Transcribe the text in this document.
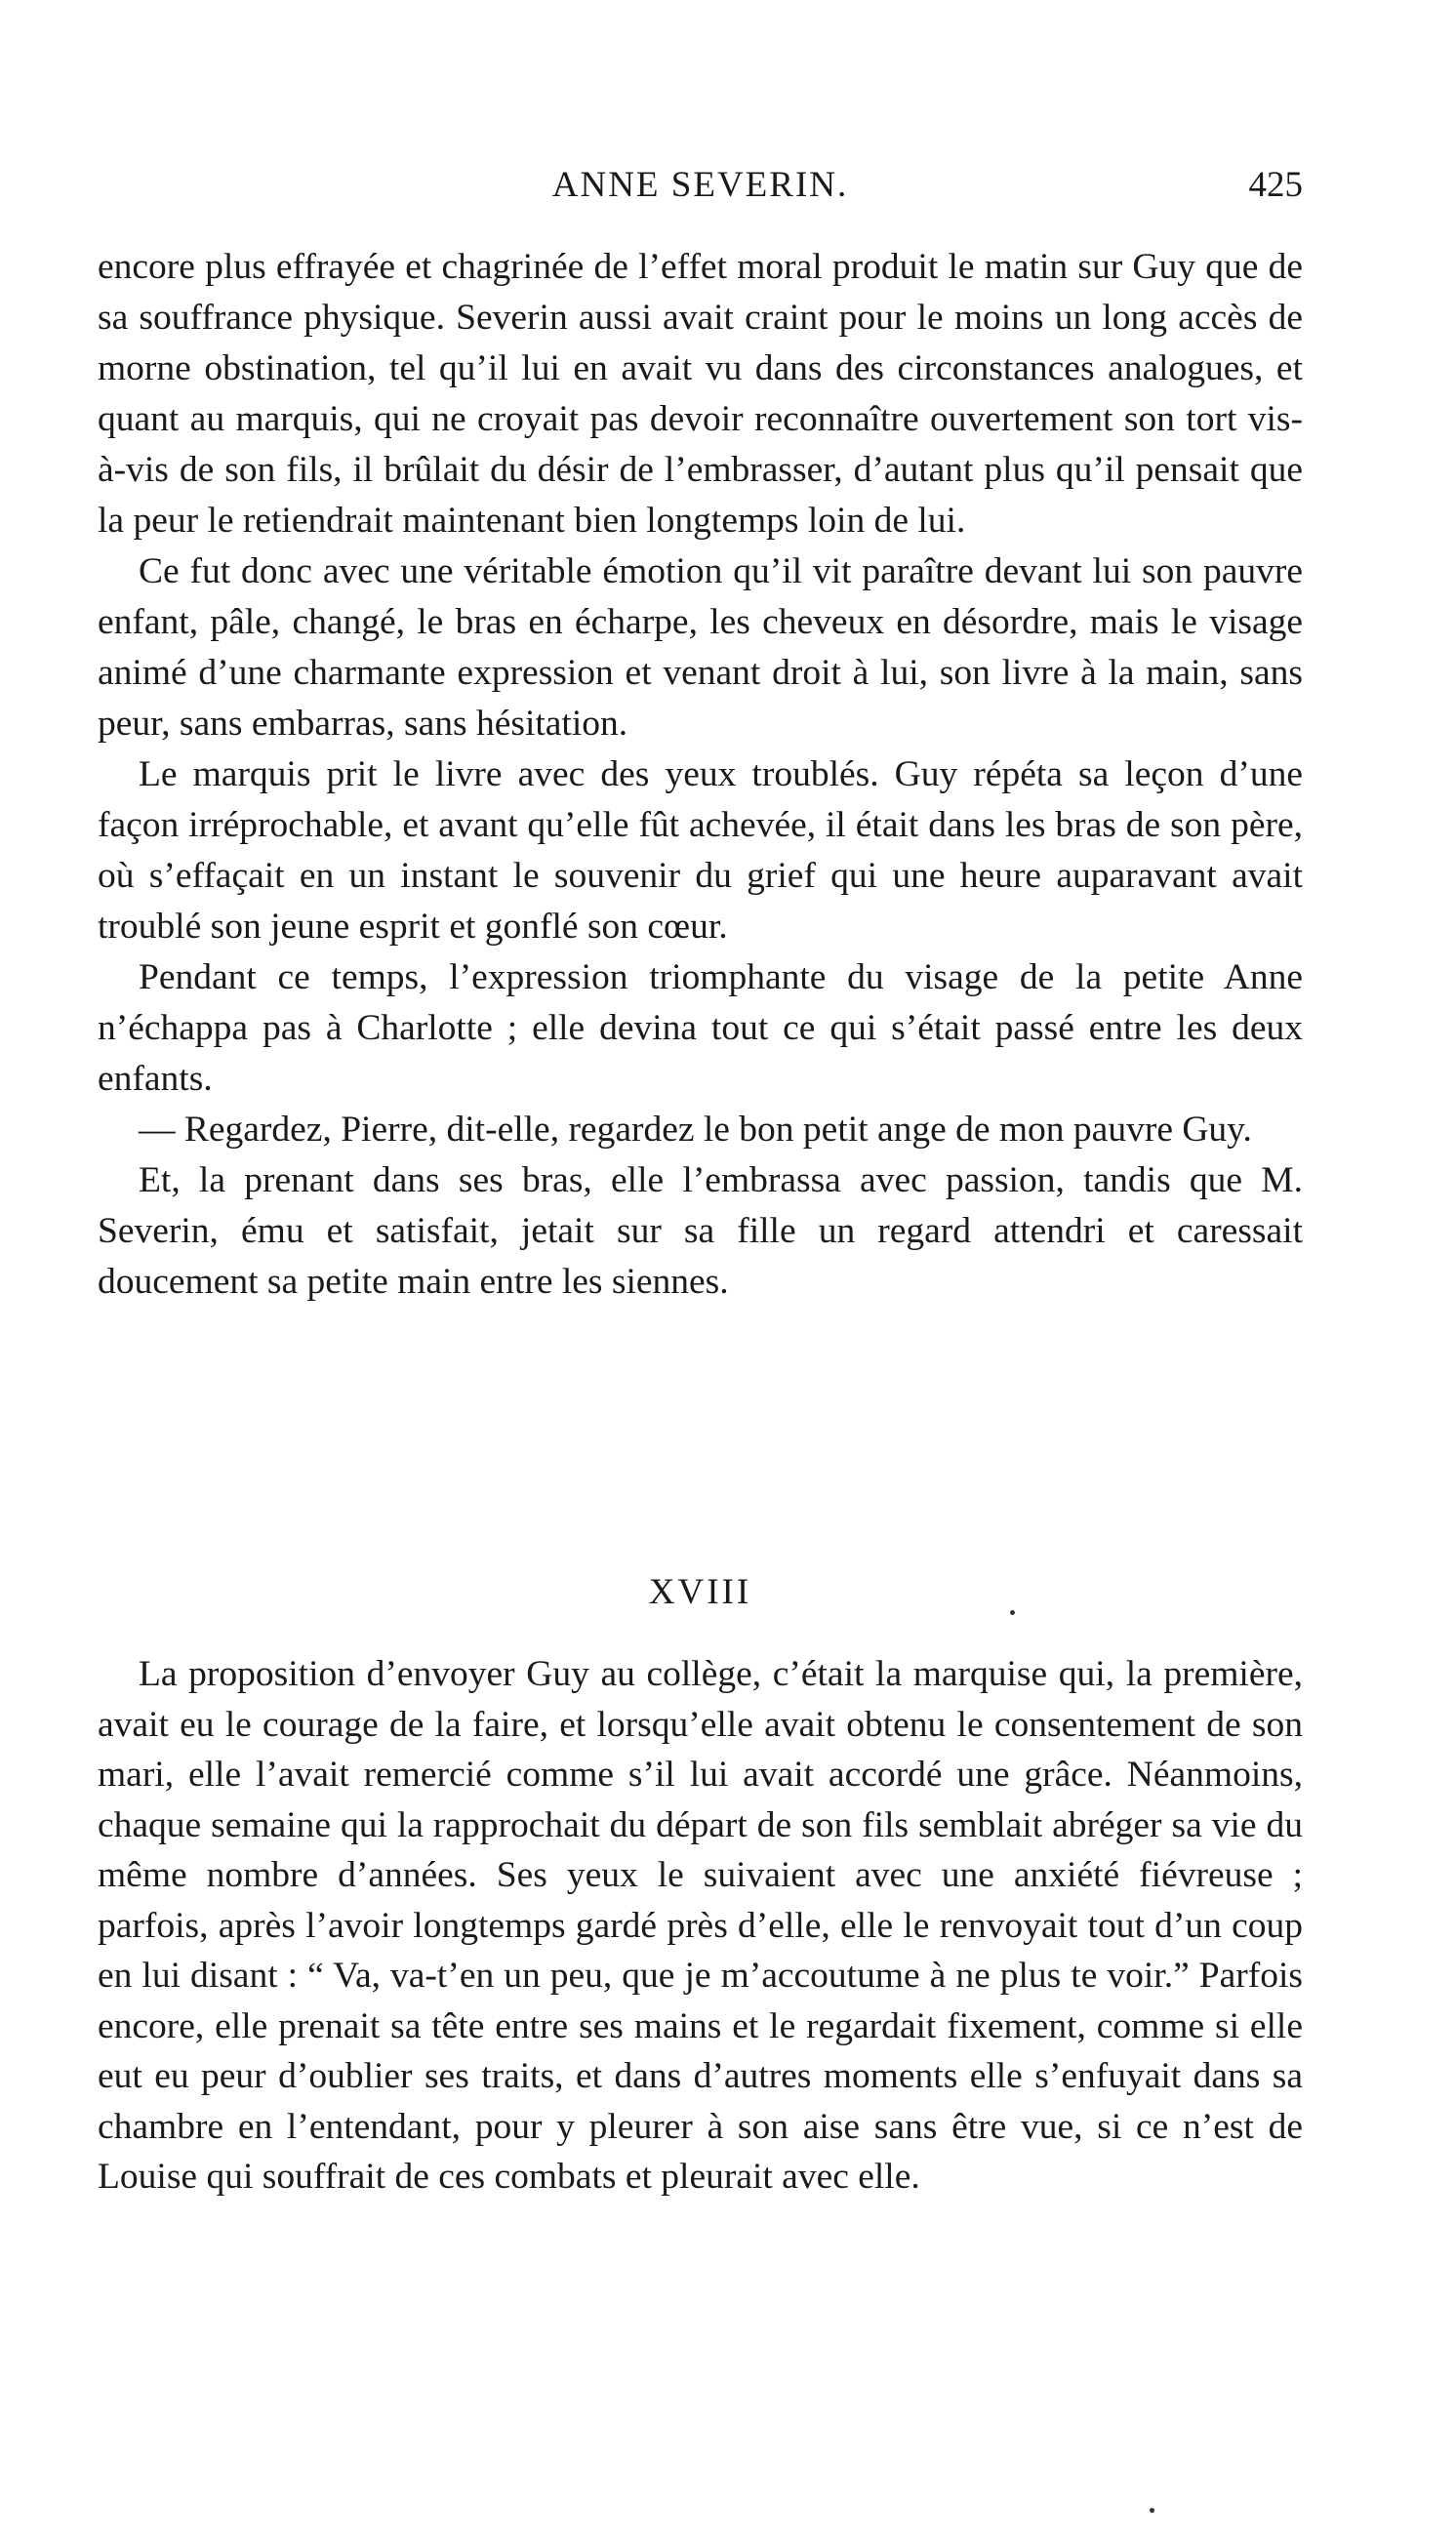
ANNE SEVERIN.	425

encore plus effrayée et chagrinée de l’effet moral produit le matin sur Guy que de sa souffrance physique. Severin aussi avait craint pour le moins un long accès de morne obstination, tel qu’il lui en avait vu dans des circonstances analogues, et quant au marquis, qui ne croyait pas devoir reconnaître ouvertement son tort vis-à-vis de son fils, il brûlait du désir de l’embrasser, d’autant plus qu’il pensait que la peur le retiendrait maintenant bien longtemps loin de lui.

Ce fut donc avec une véritable émotion qu’il vit paraître devant lui son pauvre enfant, pâle, changé, le bras en écharpe, les cheveux en désordre, mais le visage animé d’une charmante expression et venant droit à lui, son livre à la main, sans peur, sans embarras, sans hésitation.

Le marquis prit le livre avec des yeux troublés. Guy répéta sa leçon d’une façon irréprochable, et avant qu’elle fût achevée, il était dans les bras de son père, où s’effaçait en un instant le souvenir du grief qui une heure auparavant avait troublé son jeune esprit et gonflé son cœur.

Pendant ce temps, l’expression triomphante du visage de la petite Anne n’échappa pas à Charlotte ; elle devina tout ce qui s’était passé entre les deux enfants.

— Regardez, Pierre, dit-elle, regardez le bon petit ange de mon pauvre Guy.

Et, la prenant dans ses bras, elle l’embrassa avec passion, tandis que M. Severin, ému et satisfait, jetait sur sa fille un regard attendri et caressait doucement sa petite main entre les siennes.

XVIII

La proposition d’envoyer Guy au collège, c’était la marquise qui, la première, avait eu le courage de la faire, et lorsqu’elle avait obtenu le consentement de son mari, elle l’avait remercié comme s’il lui avait accordé une grâce. Néanmoins, chaque semaine qui la rapprochait du départ de son fils semblait abréger sa vie du même nombre d’années. Ses yeux le suivaient avec une anxiété fiévreuse ; parfois, après l’avoir longtemps gardé près d’elle, elle le renvoyait tout d’un coup en lui disant : “ Va, va-t’en un peu, que je m’accoutume à ne plus te voir.” Parfois encore, elle prenait sa tête entre ses mains et le regardait fixement, comme si elle eut eu peur d’oublier ses traits, et dans d’autres moments elle s’enfuyait dans sa chambre en l’entendant, pour y pleurer à son aise sans être vue, si ce n’est de Louise qui souffrait de ces combats et pleurait avec elle.
